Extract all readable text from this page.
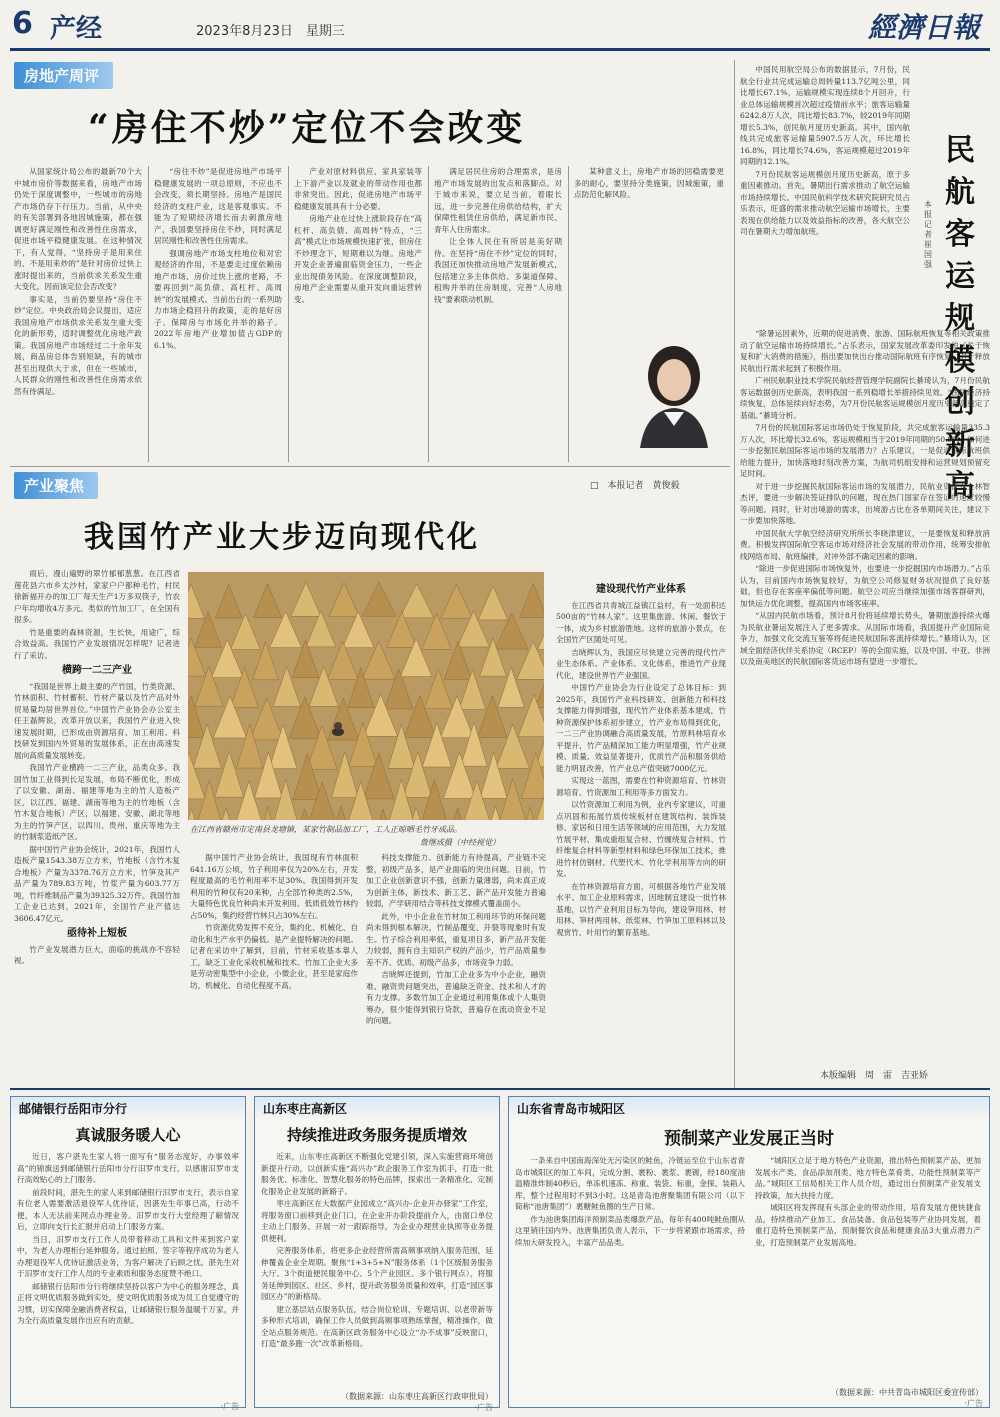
6 产经	2023年8月23日　星期三	經濟日報
房地产周评
“房住不炒”定位不会改变

从国家统计局公布的最新70个大中城市房价等数据来看，房地产市场仍处于深度调整中，一些城市的房地产市场仍存下行压力。当前，从中央的有关部署到各地因城施策，都在强调更好满足刚性和改善性住房需求，促进市场平稳健康发展。在这种情况下，有人觉得，“坚持房子是用来住的、不是用来炒的”是针对房价过快上涨时提出来的，当前供求关系发生重大变化，因而该定位会否改变？

事实是，当前仍要坚持“房住不炒”定位。中央政治局会议提出，适应我国房地产市场供求关系发生重大变化的新形势，适时调整优化房地产政策。我国房地产市场经过二十余年发展，商品房总体告别短缺，有的城市甚至出现供大于求，但在一些城市，人民群众的刚性和改善性住房需求依然有待满足。

“房住不炒”是促进房地产市场平稳健康发展的一项总原则，不应也不会改变，须长期坚持。房地产是国民经济的支柱产业，这是客观事实。不能为了短期经济增长而去刺激房地产，我国要坚持房住不炒，同时满足居民刚性和改善性住房需求。

强调房地产市场支柱地位和对宏观经济的作用，不是要走过度依赖房地产市场、房价过快上涨的老路，不要再回到“高负债、高杠杆、高周转”的发展模式。当前出台的一系列助力市场企稳回升的政策，走的是好房子、保障房与市场化并举的路子。2022年房地产业增加值占GDP的6.1%。

产业对原材料供应、家具家装等上下游产业以及就业的带动作用也都非常突出。因此，促进房地产市场平稳健康发展具有十分必要。

房地产业在过快上涨阶段存在“高杠杆、高负债、高周转”特点，“三高”模式让市场规模快速扩张，但房住不炒理念下，短期难以为继。房地产开发企业普遍面临资金压力，一些企业出现债务风险。在深度调整阶段，房地产企业需要从重开发向重运营转变。

满足居民住房的合理需求，是房地产市场发展的出发点和落脚点。对于城市来说，要立足当前，着眼长远，进一步完善住房供给结构，扩大保障性租赁住房供给，满足新市民、青年人住房需求。

让全体人民住有所居是美好期待。在坚持“房住不炒”定位的同时，我国还加快推动房地产发展新模式，包括建立多主体供给、多渠道保障、租购并举的住房制度，完善“人房地钱”要素联动机制。

某种意义上，房地产市场的回稳需要更多的耐心，要坚持分类施策，因城施策，重点防范化解风险。

范静
产业聚焦	□　本报记者　黄俊毅
我国竹产业大步迈向现代化

雨后，漫山遍野的翠竹郁郁葱葱。在江西省莲花县六市乡太沙村，家家户户都种毛竹，村民徐新福开办的加工厂每天生产1万多双筷子，竹农户年均增收4万多元。类似的竹加工厂，在全国有很多。

竹是重要的森林资源，生长快，用途广，综合效益高。我国竹产业发展情况怎样呢？记者进行了采访。

横跨一二三产业

“我国是世界上最主要的产竹国，竹类资源、竹林面积、竹材蓄积、竹材产量以及竹产品对外贸易量均居世界首位。”中国竹产业协会办公室主任王磊辉说，改革开放以来，我国竹产业进入快速发展时期，已形成由资源培育、加工利用、科技研发到国内外贸易的发展体系，正在由高速发展向高质量发展转变。

我国竹产业横跨一二三产业，品类众多。我国竹加工业得到长足发展，布局不断优化，形成了以安徽、湖南、福建等地为主的竹人造板产区，以江西、福建、湖南等地为主的竹地板（含竹木复合地板）产区，以福建、安徽、湖北等地为主的竹笋产区，以四川、贵州、重庆等地为主的竹制浆造纸产区。

据中国竹产业协会统计，2021年，我国竹人造板产量1543.38万立方米，竹地板（含竹木复合地板）产量为3378.76万立方米，竹笋及其产品产量为789.83万吨，竹浆产量为603.77万吨，竹纤维制品产量为39325.32万件。我国竹加工企业已达到，2021年，全国竹产业产值达3606.47亿元。

亟待补上短板

竹产业发展潜力巨大，面临的挑战亦不容轻视。

在江西省赣州市定南县龙塘镇，某家竹制品加工厂，工人正晾晒毛竹牙成品。
詹继成摄（中经视觉）

据中国竹产业协会统计，我国现有竹林面积641.16万公顷，竹子利用率仅为20%左右，开发程度最高的毛竹利用率不足30%。我国得到开发利用的竹种仅有20来种，占全部竹种类的2.5%，大量特色优良竹种尚未开发利用。低质低效竹林约占50%，集约经营竹林只占30%左右。

竹资源优势发挥不充分，集约化、机械化、自动化和生产水平仍偏低。是产业提特解决的问题。记者在采访中了解到，目前，竹材采收基本靠人工，缺乏工业化采收机械和技术。竹加工企业大多是劳动密集型中小企业，小微企业，甚至是家庭作坊，机械化、自动化程度不高。

科技支撑能力、创新能力有待提高，产业链不完整，初级产品多，是产业面临的突出问题。目前，竹加工企业创新意识不强，创新力量薄弱，尚未真正成为创新主体，新技术、新工艺、新产品开发能力普遍较弱，产学研用结合等科技支撑模式覆盖面小。

此外，中小企业在竹材加工利用环节的环保问题尚未得到根本解决，竹制品覆变、开裂等现象时有发生。竹子综合利用率低，重复项目多，新产品开发能力较弱，拥有自主知识产权的产品少，竹产品质量参差不齐、优质、初级产品多，市场竞争力弱。

吉晓辉还提到，竹加工企业多为中小企业，融资难、融资贵问题突出，普遍缺乏资金、技术和人才的有力支撑。多数竹加工企业通过利用集体或个人集资筹办，很少能得到银行贷款，普遍存在流动资金不足的问题。

建设现代竹产业体系

在江西省共青城江益镇江益村，有一处面积达500亩的“竹林人家”。这里集旅游、休闲、餐饮于一体，成为乡村旅游胜地。这样的旅游小景点，在全国竹产区随处可见。

吉晓辉认为，我国应尽快建立完善的现代竹产业生态体系、产业体系、文化体系，推进竹产业现代化，建设世界竹产业强国。

中国竹产业协会为行业设定了总体目标：到2025年，我国竹产业科技研发、创新能力和科技支撑能力得到增强，现代竹产业体系基本建成，竹种资源保护体系初步建立，竹产业布局得到优化，一二三产业协调融合高质量发展，竹原料林培育水平提升，竹产品精深加工能力明显增强，竹产业规模、质量、效益显著提升，优质竹产品和服务供给能力明显改善，竹产业总产值突破7000亿元。

实现这一蓝图，需要在竹种资源培育、竹林资源培育、竹资源加工利用等多方面发力。

以竹资源加工利用为例，业内专家建议，可重点巩固和拓展竹质传统板材在建筑结构、装饰装修、家居和日用生活等领域的应用范围，大力发展竹展平材、集成重组复合材、竹缠绕复合材料、竹纤维复合材料等新型材料和绿色环保加工技术，推进竹材仿钢材、代塑代木、竹化学利用等方向的研发。

在竹林资源培育方面，可根据各地竹产业发展水平、加工企业原料需求，因地制宜建设一批竹林基地，以竹产业利用目标为导向，建设笋用林、材用林、笋材两用林、纸浆林、竹笋加工原料林以及观赏竹、叶用竹的繁育基地。

民航客运规模创新高
本报记者　崔国强

中国民用航空局公布的数据显示，7月份，民航全行业共完成运输总周转量113.7亿吨公里，同比增长67.1%，运输规模实现连续8个月回升，行业总体运输规模首次超过疫情前水平；旅客运输量6242.8万人次，同比增长83.7%，较2019年同期增长5.3%，创民航月度历史新高。其中，国内航线共完成旅客运输量5907.5万人次，环比增长16.8%，同比增长74.6%，客运规模超过2019年同期的12.1%。

7月份民航客运规模创月度历史新高，原于多重因素推动。首先，暑期出行需求推动了航空运输市场持续增长。中国民航科学技术研究院研究员占乐表示，旺盛的需求推动航空运输市场增长，主要表现在供给能力以及效益指标的改善，各大航空公司在暑期大力增加航班。

“除暑运因素外，近期的促进消费、旅游、国际航班恢复等相关政策推动了航空运输市场持续增长。”占乐表示，国家发展改革委印发的《关于恢复和扩大消费的措施》，指出要加快出台推动国际航班有序恢复，对于释放民航出行需求起到了积极作用。

广州民航职业技术学院民航经营管理学院副院长綦琦认为，7月份民航客运数据创历史新高，表明我国一系列稳增长举措持续见效。“国民经济持续恢复，总体延续向好态势，为7月份民航客运规模创月度历史新高奠定了基础。”綦琦分析。

7月份的民航国际客运市场仍处于恢复阶段，共完成旅客运输量335.3万人次，环比增长32.6%，客运规模相当于2019年同期的50.9%。如何进一步挖掘民航国际客运市场的发展潜力？占乐建议，一是促进国际航班供给能力提升，加快落地时刻改善方案，为航司机组安排和运营规划预留充足时间。

对于进一步挖掘民航国际客运市场的发展潜力，民航业资深人士林智杰评，要进一步解决签证排队的问题，现在热门国家存在签证的速度较慢等问题。同时，针对出境游的需求，出境游占比在各单期间关注，建议下一步要加快落地。

中国民航大学航空经济研究所所长李晓津建议，一是要恢复和释放消费。积极发挥国际航空客运市场对经济社会发展的带动作用，统筹安排航线网络布局、航班编排，对冲外部不确定因素的影响。

“除进一步促进国际市场恢复外，也要进一步挖掘国内市场潜力。”占乐认为，目前国内市场恢复较好，为航空公司修复财务状况提供了良好基础，但也存在客座率偏低等问题。航空公司应当继续加强市场客群研判，加快运力优化调整，提高国内市场客座率。

“从国内民航市场看，预计8月份将延续增长势头，暑期旅游持续火爆为民航业暑运发展注入了更多需求。从国际市场看，我国提升产业国际竞争力，加强文化交流互鉴等将促进民航国际客流持续增长。”綦琦认为，区域全面经济伙伴关系协定（RCEP）等的全面实施，以及中国、中亚、非洲以及南美地区的民航国际客货运市场有望进一步增长。

本版编辑　周　雷　吉亚娇
邮储银行岳阳市分行
真诚服务暖人心

近日，客户湛先生家人将一面写有“服务态度好，办事效率高”的锦旗送到邮储银行岳阳市分行汨罗市支行，以感谢汨罗市支行高效贴心的上门服务。

前段时间，湛先生的家人来到邮储银行汨罗市支行，表示自家有位老人需要激活退役军人优待证，因湛先生年事已高，行动不便，本人无法前来网点办理业务。汨罗市支行大堂经理了解情况后，立即向支行长汇报并启动上门服务方案。

当日，汨罗市支行工作人员带着移动工具和文件来到客户家中，为老人办理柜台延伸服务。通过拍照、签字等程序成功为老人办理退役军人优待证激活业务，为客户解决了后顾之忧。湛先生对于汨罗市支行工作人员的专业素质和服务态度赞不绝口。

邮储银行岳阳市分行将继续坚持以客户为中心的服务理念，真正将文明优质服务做到实处，使文明优质服务成为员工自觉遵守的习惯，切实保障金融消费者权益，让邮储银行服务温暖千万家，并为全行高质量发展作出应有的贡献。

·广告
山东枣庄高新区
持续推进政务服务提质增效

近来，山东枣庄高新区不断强化党建引领，深入实施营商环境创新提升行动，以创新实施“高兴办”政企服务工作室为抓手，打造一批服务优、标准化、智慧化服务的特色品牌，探索出一条精准化、定制化服务企业发展的新路子。

枣庄高新区在大数据产业园成立“高兴办·企业开办驿家”工作室，将服务窗口前移到企业门口，在企业开办阶段提前介入，由窗口单位主动上门服务、开展一对一跟踪指导，为企业办理营业执照等业务提供便利。

完善服务体系，将更多企业经营所需高频事项纳入服务范围，延伸覆盖企业全周期。聚焦“1+3+5+N”服务体系（1个区级服务服务大厅、3个街道便民服务中心、5个产业园区、多个银行网点），将服务延伸到园区、社区、乡村，提升政务服务质量和效率，打造“园区事园区办”的新格局。

建立基层站点服务队伍，结合岗位轮训、专题培训、以老带新等多种形式培训，确保工作人员做到高频事项熟练掌握，精准操作，做全站点服务规范。在高新区政务服务中心设立“办不成事”反映窗口，打造“最多跑一次”改革新格局。

（数据来源：山东枣庄高新区行政审批局）
·广告
山东省青岛市城阳区
预制菜产业发展正当时

一条来自中国南海深处无污染区的鲑鱼，冷链运至位于山东省青岛市城阳区的加工车间，完成分割、裹粉、裹浆、裹镀，经180度油温精准炸制40秒后，单冻机速冻、称重、装袋、标重，金探、装箱入库，整个过程用时不到3小时。这是青岛池唐聚集团有限公司（以下简称“池唐集团”）裹糖鲑鱼圈的生产日常。

作为池唐集团海洋预制菜品类爆款产品，每年有400吨鲑鱼圈从这里销往国内外。池唐集团负责人表示，下一步将紧跟市场需求，持续加大研发投入，丰富产品品类。

“城阳区立足于地方特色产业资源，推出特色预制菜产品，更加发展水产类、食品添加剂类、地方特色菜肴类、功能性预制菜等产品。”城阳区工信局相关工作人员介绍，通过出台预制菜产业发展支持政策，加大扶持力度。

城阳区将发挥现有头部企业的带动作用，培育发展方便快捷食品，持续推动产业加工、食品装备、食品包装等产业协同发展，着重打造特色预制菜产品，预制餐饮食品和健康食品3大重点潜力产业，打造预制菜产业发展高地。

（数据来源：中共青岛市城阳区委宣传部）
·广告
